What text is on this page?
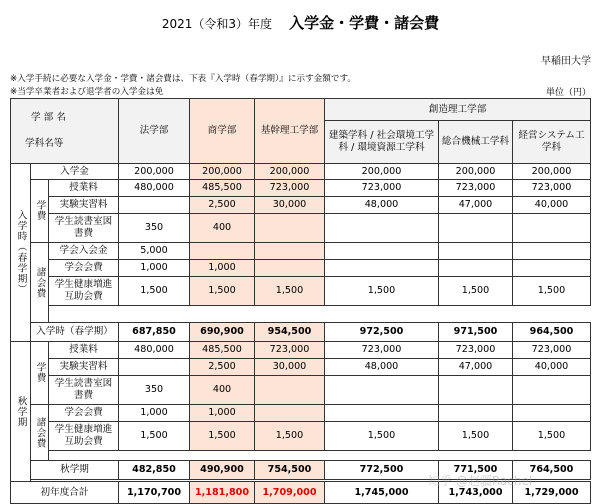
2021（令和3）年度 入学金・学費・諸会費
早稲田大学
※入学手続に必要な入学金・学費・諸会費は、下表『入学時（春学期）』に示す金額です。
※当学卒業者および退学者の入学金は免	単位（円）
学 部 名
学科名等			法学部	商学部	基幹理工学部	創造理工学部		
						建築学科 / 社会環境工学科 / 環境資源工学科	総合機械工学科	経営システム工学科

入学時（春学期）	入学金		200,000	200,000	200,000	200,000	200,000	200,000
	学費	授業料	480,000	485,500	723,000	723,000	723,000	723,000
		実験実習料		2,500	30,000	48,000	47,000	40,000
		学生読書室図書費	350	400				
	諸会費	学会入会金	5,000					
		学会会費	1,000	1,000				
		学生健康増進互助会費	1,500	1,500	1,500	1,500	1,500	1,500

	入学時（春学期）		687,850	690,900	954,500	972,500	971,500	964,500
秋学期	学費	授業料	480,000	485,500	723,000	723,000	723,000	723,000
		実験実習料		2,500	30,000	48,000	47,000	40,000
		学生読書室図書費	350	400				
	諸会費	学会会費	1,000	1,000				
		学生健康増進互助会費	1,500	1,500	1,500	1,500	1,500	1,500

	秋学期		482,850	490,900	754,500	772,500	771,500	764,500

初年度合計			1,170,700	1,181,800	1,709,000	1,745,000	1,743,000	1,729,000
知乎 @赵疆Rachel
